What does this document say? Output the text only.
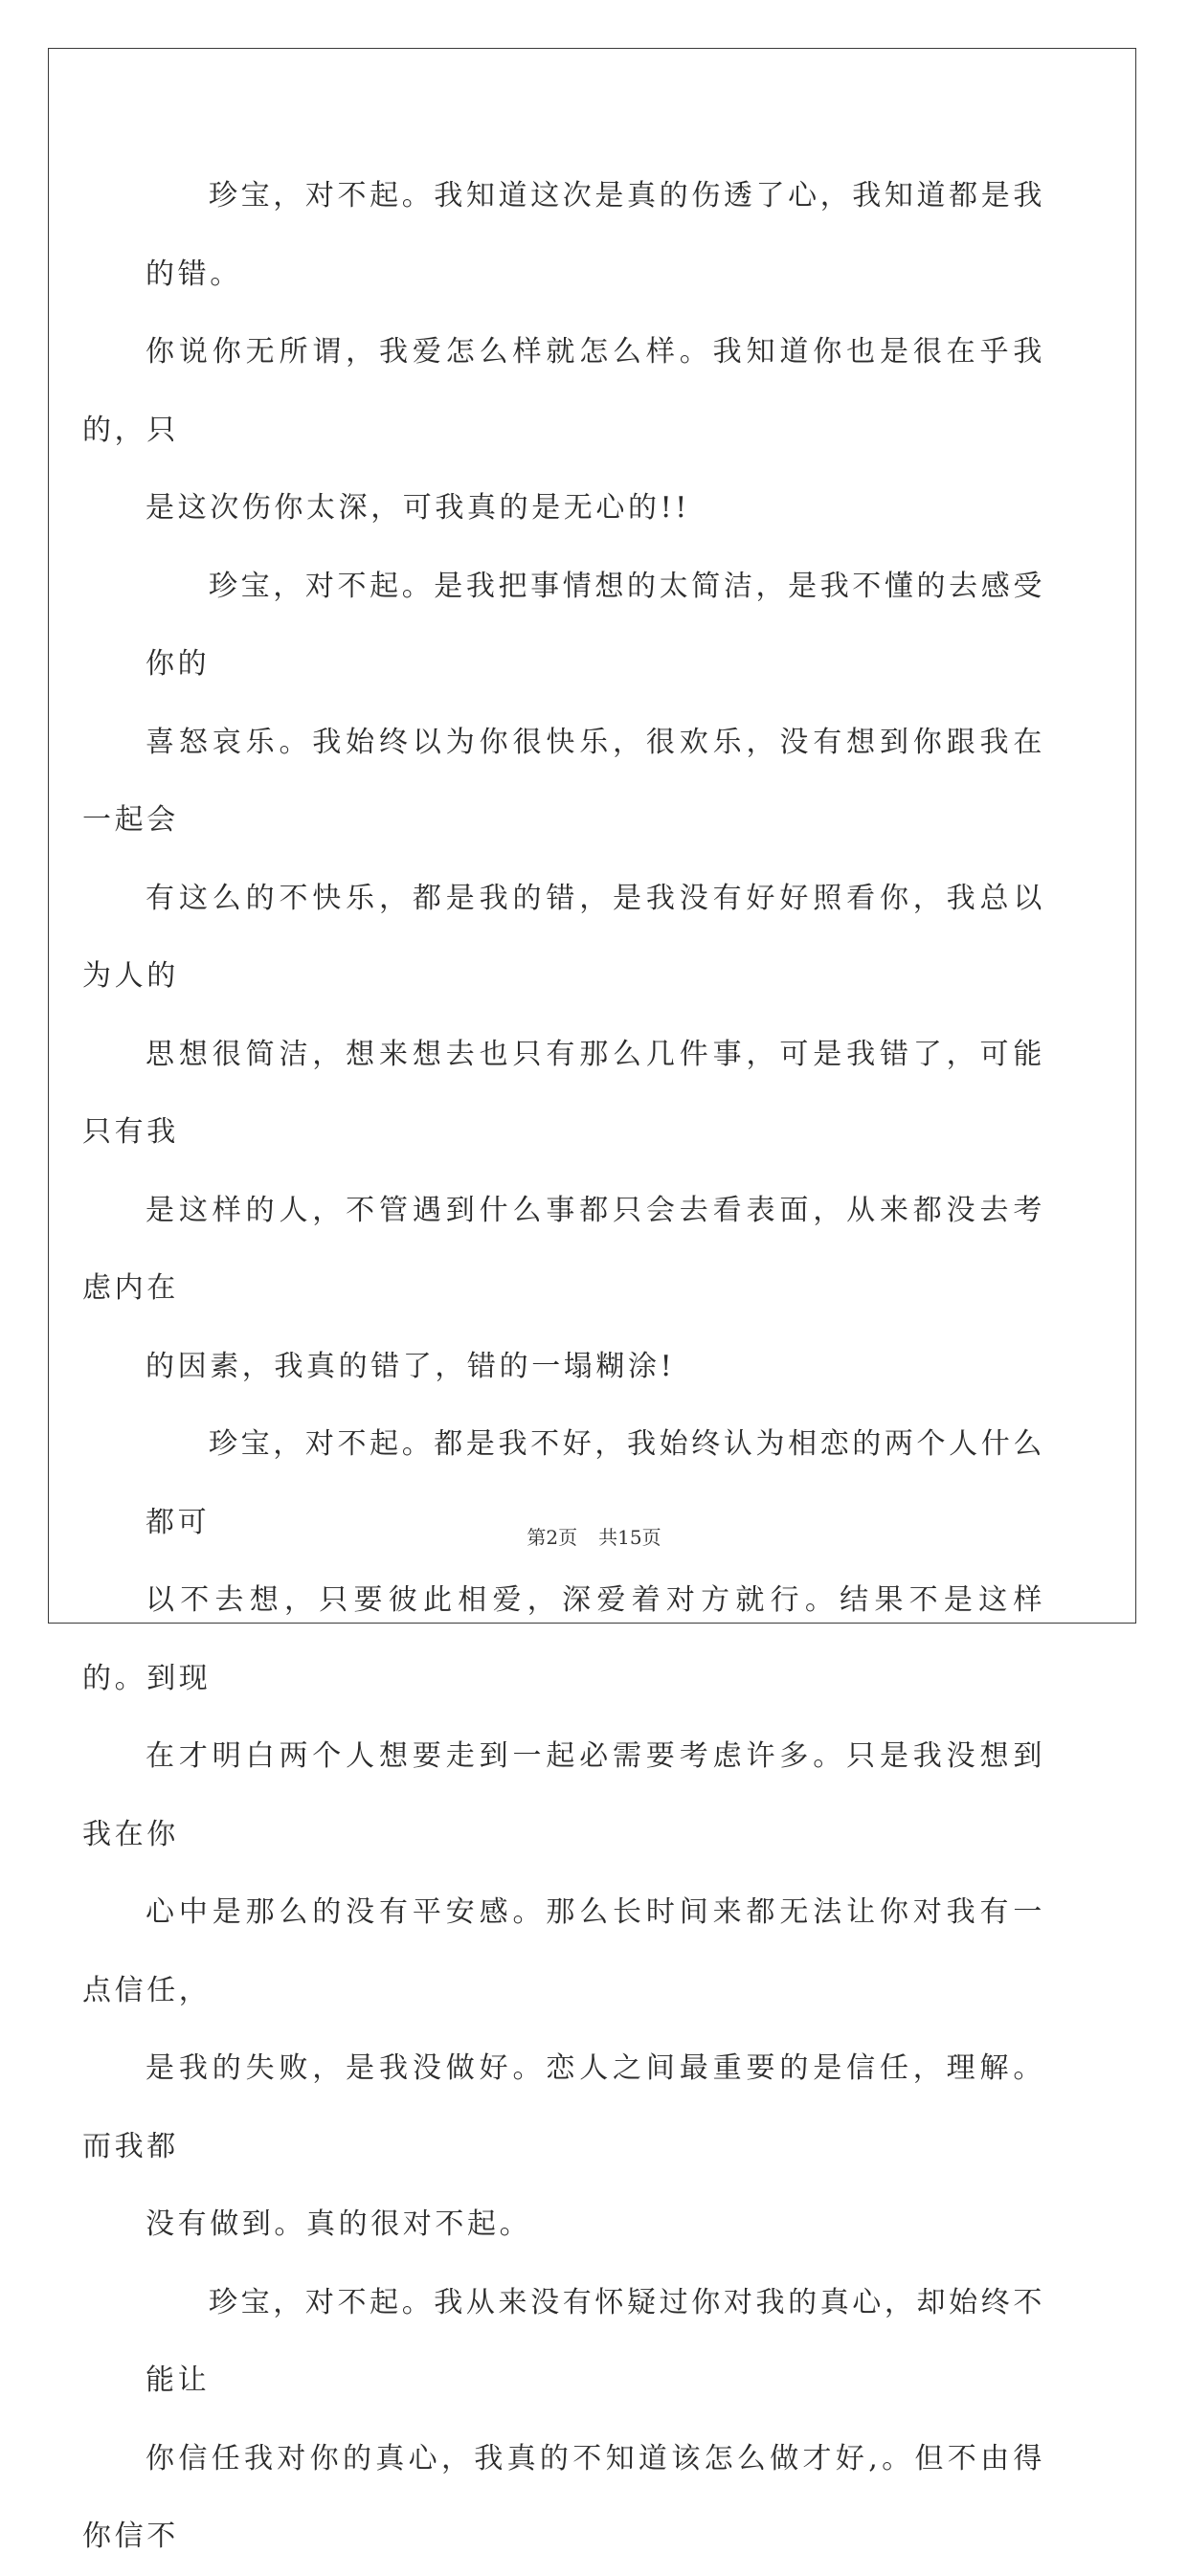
珍宝，对不起。我知道这次是真的伤透了心，我知道都是我的错。
你说你无所谓，我爱怎么样就怎么样。我知道你也是很在乎我的，只
是这次伤你太深，可我真的是无心的!!

珍宝，对不起。是我把事情想的太简洁，是我不懂的去感受你的
喜怒哀乐。我始终以为你很快乐，很欢乐，没有想到你跟我在一起会
有这么的不快乐，都是我的错，是我没有好好照看你，我总以为人的
思想很简洁，想来想去也只有那么几件事，可是我错了，可能只有我
是这样的人，不管遇到什么事都只会去看表面，从来都没去考虑内在
的因素，我真的错了，错的一塌糊涂!

珍宝，对不起。都是我不好，我始终认为相恋的两个人什么都可
以不去想，只要彼此相爱，深爱着对方就行。结果不是这样的。到现
在才明白两个人想要走到一起必需要考虑许多。只是我没想到我在你
心中是那么的没有平安感。那么长时间来都无法让你对我有一点信任，
是我的失败，是我没做好。恋人之间最重要的是信任，理解。而我都
没有做到。真的很对不起。

珍宝，对不起。我从来没有怀疑过你对我的真心，却始终不能让
你信任我对你的真心，我真的不知道该怎么做才好,。但不由得你信不

第2页 共15页
